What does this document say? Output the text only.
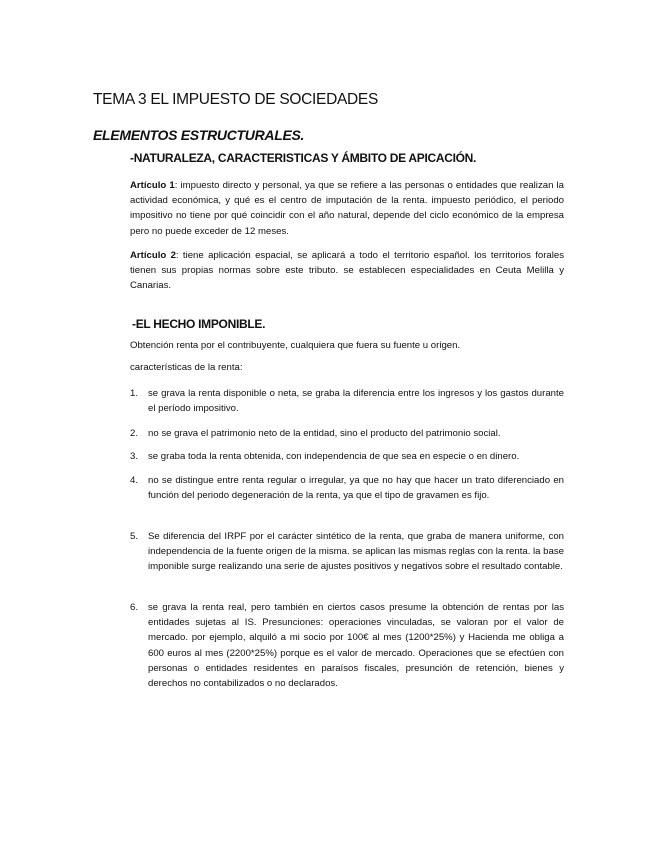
TEMA 3 EL IMPUESTO DE SOCIEDADES
ELEMENTOS ESTRUCTURALES.
-NATURALEZA, CARACTERISTICAS Y ÁMBITO DE APICACIÓN.
Artículo 1: impuesto directo y personal, ya que se refiere a las personas o entidades que realizan la actividad económica, y qué es el centro de imputación de la renta. impuesto periódico, el periodo impositivo no tiene por qué coincidir con el año natural, depende del ciclo económico de la empresa pero no puede exceder de 12 meses.
Artículo 2: tiene aplicación espacial, se aplicará a todo el territorio español. los territorios forales tienen sus propias normas sobre este tributo. se establecen especialidades en Ceuta Melilla y Canarias.
-EL HECHO IMPONIBLE.
Obtención renta por el contribuyente, cualquiera que fuera su fuente u origen.
características de la renta:
1.	se grava la renta disponible o neta, se graba la diferencia entre los ingresos y los gastos durante el período impositivo.
2.	no se grava el patrimonio neto de la entidad, sino el producto del patrimonio social.
3.	se graba toda la renta obtenida, con independencia de que sea en especie o en dinero.
4.	no se distingue entre renta regular o irregular, ya que no hay que hacer un trato diferenciado en función del periodo degeneración de la renta, ya que el tipo de gravamen es fijo.
5.	Se diferencia del IRPF por el carácter sintético de la renta, que graba de manera uniforme, con independencia de la fuente origen de la misma. se aplican las mismas reglas con la renta. la base imponible surge realizando una serie de ajustes positivos y negativos sobre el resultado contable.
6.	se grava la renta real, pero también en ciertos casos presume la obtención de rentas por las entidades sujetas al IS. Presunciones: operaciones vinculadas, se valoran por el valor de mercado. por ejemplo, alquiló a mi socio por 100€ al mes (1200*25%) y Hacienda me obliga a 600 euros al mes (2200*25%) porque es el valor de mercado. Operaciones que se efectúen con personas o entidades residentes en paraísos fiscales, presunción de retención, bienes y derechos no contabilizados o no declarados.
